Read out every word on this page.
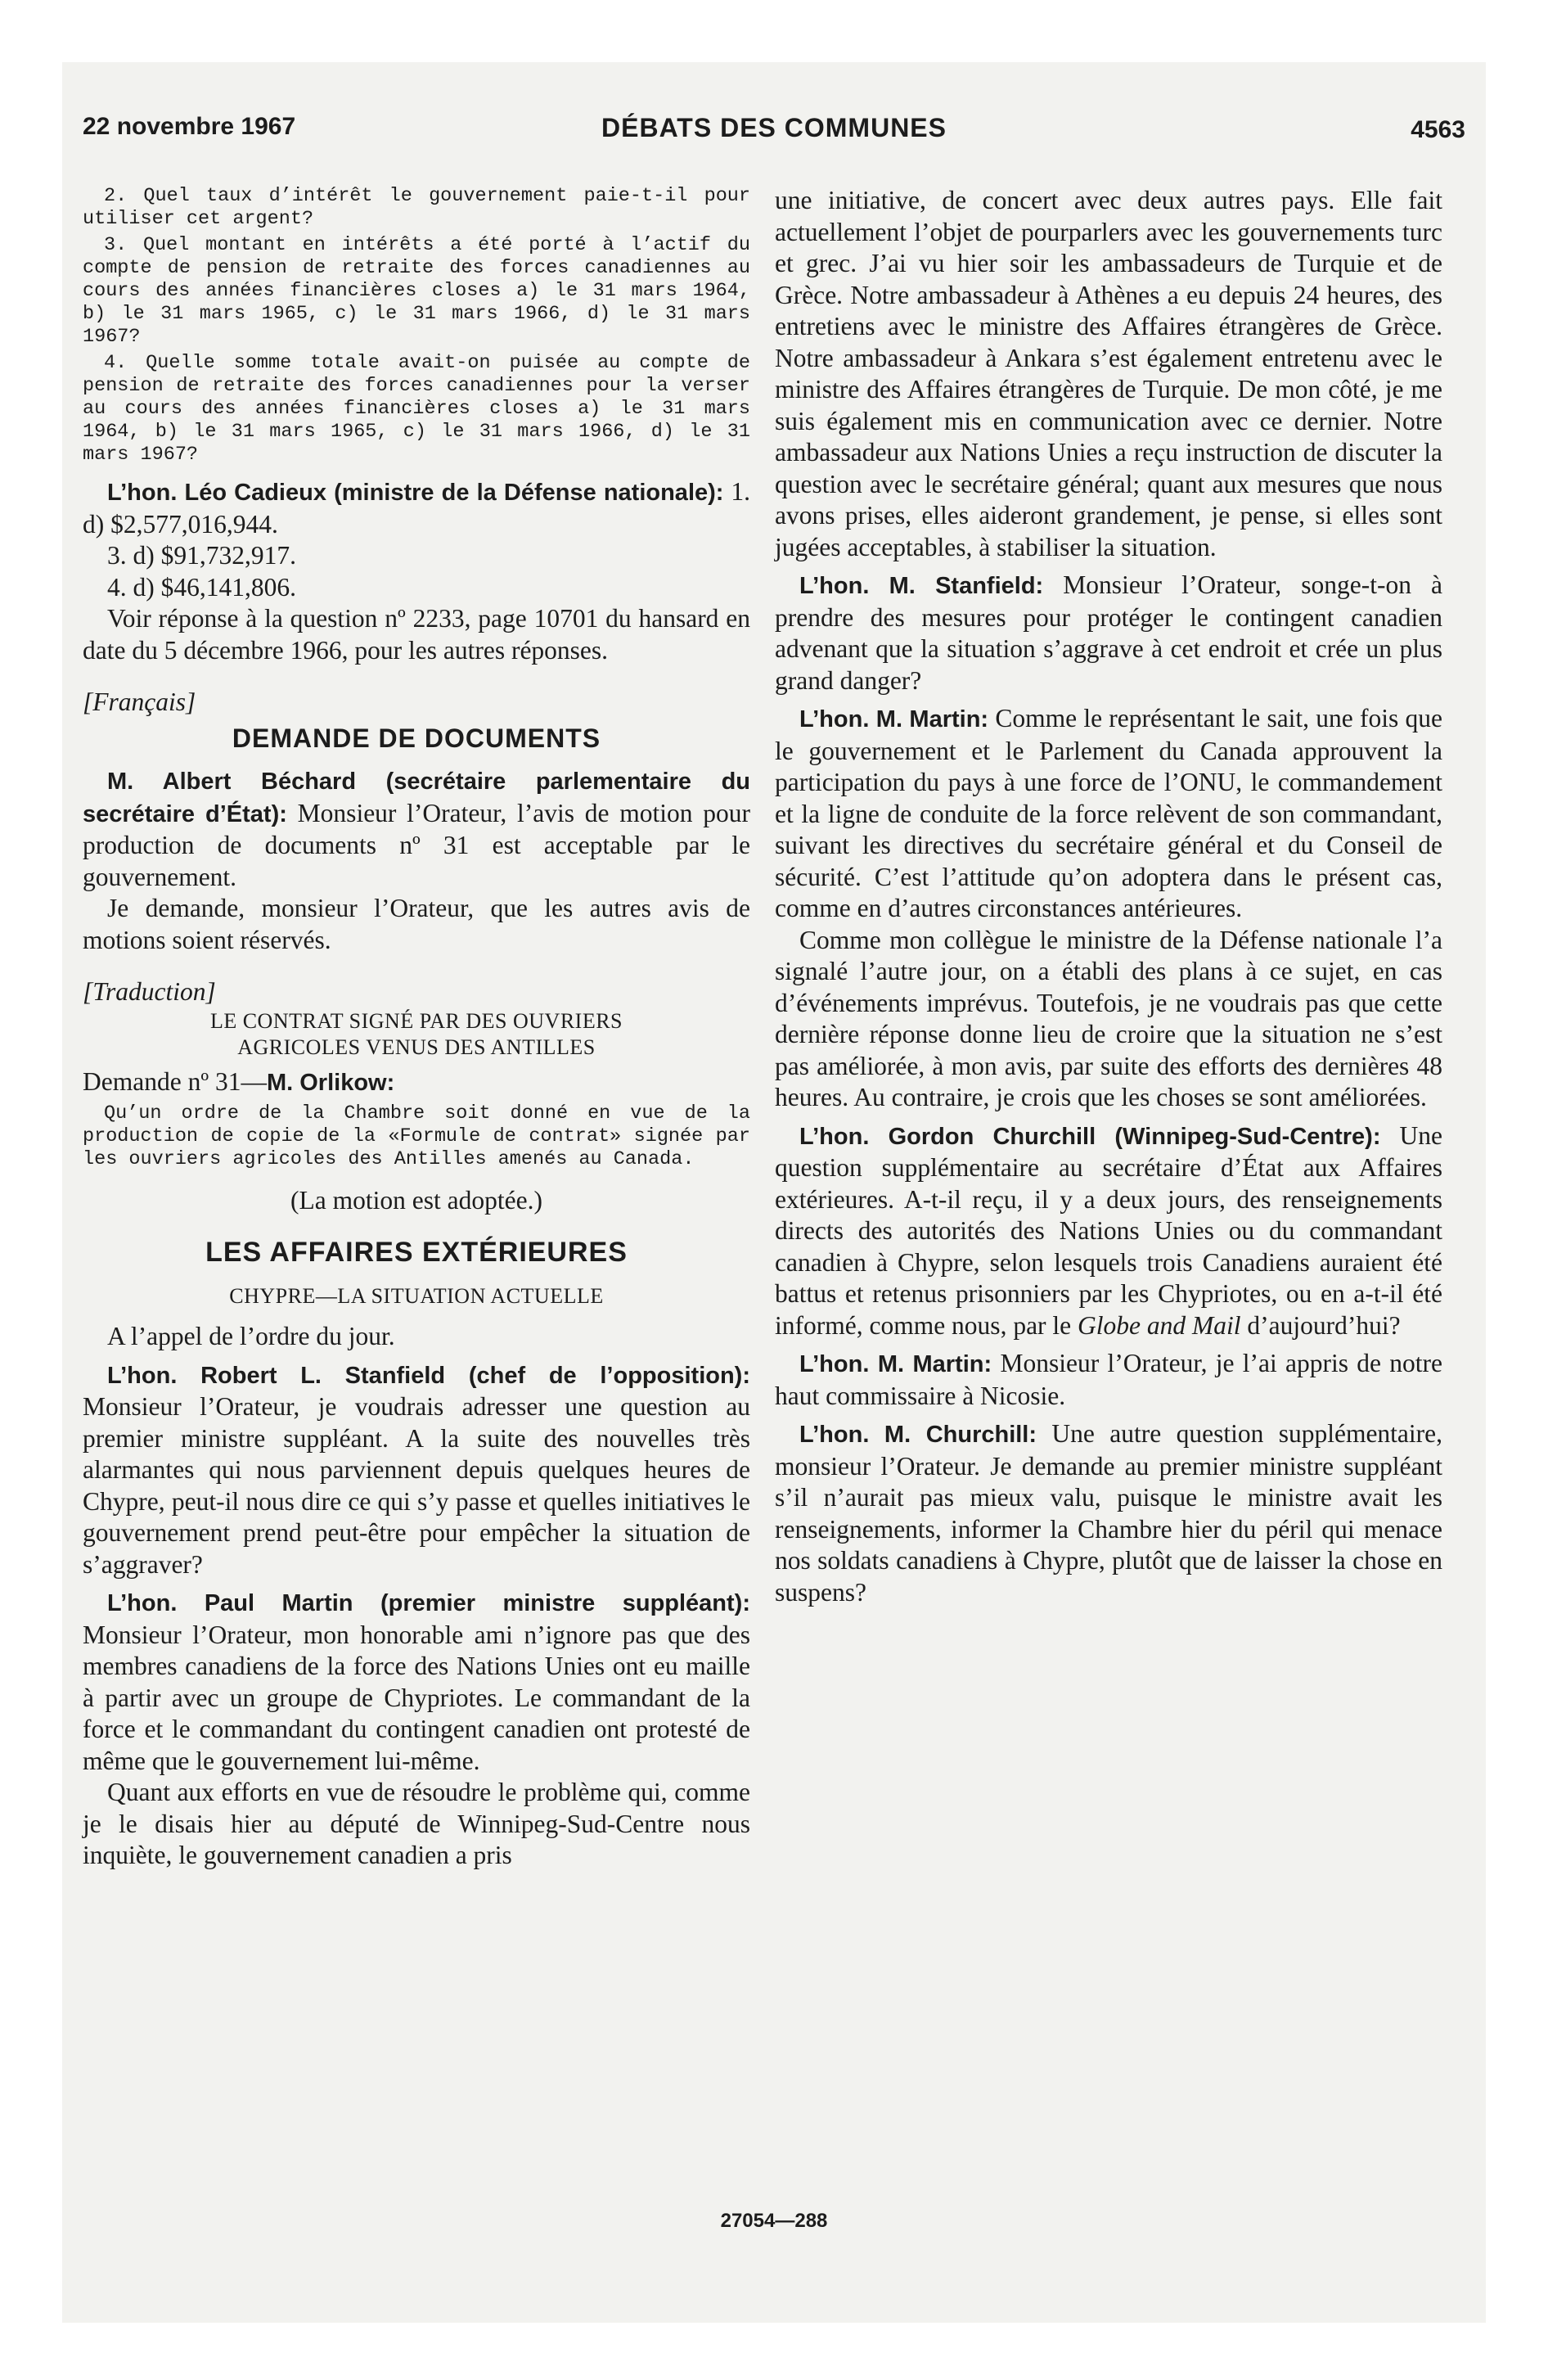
22 novembre 1967	DÉBATS DES COMMUNES	4563

2. Quel taux d’intérêt le gouvernement paie-t-il pour utiliser cet argent?

3. Quel montant en intérêts a été porté à l’actif du compte de pension de retraite des forces canadiennes au cours des années financières closes a) le 31 mars 1964, b) le 31 mars 1965, c) le 31 mars 1966, d) le 31 mars 1967?

4. Quelle somme totale avait-on puisée au compte de pension de retraite des forces canadiennes pour la verser au cours des années financières closes a) le 31 mars 1964, b) le 31 mars 1965, c) le 31 mars 1966, d) le 31 mars 1967?

L’hon. Léo Cadieux (ministre de la Défense nationale): 1. d) $2,577,016,944.

3. d) $91,732,917.

4. d) $46,141,806.

Voir réponse à la question nº 2233, page 10701 du hansard en date du 5 décembre 1966, pour les autres réponses.

[Français]

DEMANDE DE DOCUMENTS

M. Albert Béchard (secrétaire parlementaire du secrétaire d’État): Monsieur l’Orateur, l’avis de motion pour production de documents nº 31 est acceptable par le gouvernement.

Je demande, monsieur l’Orateur, que les autres avis de motions soient réservés.

[Traduction]

LE CONTRAT SIGNÉ PAR DES OUVRIERS
AGRICOLES VENUS DES ANTILLES

Demande nº 31—M. Orlikow:

Qu’un ordre de la Chambre soit donné en vue de la production de copie de la «Formule de contrat» signée par les ouvriers agricoles des Antilles amenés au Canada.

(La motion est adoptée.)

LES AFFAIRES EXTÉRIEURES
CHYPRE—LA SITUATION ACTUELLE

A l’appel de l’ordre du jour.

L’hon. Robert L. Stanfield (chef de l’opposition): Monsieur l’Orateur, je voudrais adresser une question au premier ministre suppléant. A la suite des nouvelles très alarmantes qui nous parviennent depuis quelques heures de Chypre, peut-il nous dire ce qui s’y passe et quelles initiatives le gouvernement prend peut-être pour empêcher la situation de s’aggraver?

L’hon. Paul Martin (premier ministre suppléant): Monsieur l’Orateur, mon honorable ami n’ignore pas que des membres canadiens de la force des Nations Unies ont eu maille à partir avec un groupe de Chypriotes. Le commandant de la force et le commandant du contingent canadien ont protesté de même que le gouvernement lui-même.

Quant aux efforts en vue de résoudre le problème qui, comme je le disais hier au député de Winnipeg-Sud-Centre nous inquiète, le gouvernement canadien a pris

une initiative, de concert avec deux autres pays. Elle fait actuellement l’objet de pourparlers avec les gouvernements turc et grec. J’ai vu hier soir les ambassadeurs de Turquie et de Grèce. Notre ambassadeur à Athènes a eu depuis 24 heures, des entretiens avec le ministre des Affaires étrangères de Grèce. Notre ambassadeur à Ankara s’est également entretenu avec le ministre des Affaires étrangères de Turquie. De mon côté, je me suis également mis en communication avec ce dernier. Notre ambassadeur aux Nations Unies a reçu instruction de discuter la question avec le secrétaire général; quant aux mesures que nous avons prises, elles aideront grandement, je pense, si elles sont jugées acceptables, à stabiliser la situation.

L’hon. M. Stanfield: Monsieur l’Orateur, songe-t-on à prendre des mesures pour protéger le contingent canadien advenant que la situation s’aggrave à cet endroit et crée un plus grand danger?

L’hon. M. Martin: Comme le représentant le sait, une fois que le gouvernement et le Parlement du Canada approuvent la participation du pays à une force de l’ONU, le commandement et la ligne de conduite de la force relèvent de son commandant, suivant les directives du secrétaire général et du Conseil de sécurité. C’est l’attitude qu’on adoptera dans le présent cas, comme en d’autres circonstances antérieures.

Comme mon collègue le ministre de la Défense nationale l’a signalé l’autre jour, on a établi des plans à ce sujet, en cas d’événements imprévus. Toutefois, je ne voudrais pas que cette dernière réponse donne lieu de croire que la situation ne s’est pas améliorée, à mon avis, par suite des efforts des dernières 48 heures. Au contraire, je crois que les choses se sont améliorées.

L’hon. Gordon Churchill (Winnipeg-Sud-Centre): Une question supplémentaire au secrétaire d’État aux Affaires extérieures. A-t-il reçu, il y a deux jours, des renseignements directs des autorités des Nations Unies ou du commandant canadien à Chypre, selon lesquels trois Canadiens auraient été battus et retenus prisonniers par les Chypriotes, ou en a-t-il été informé, comme nous, par le Globe and Mail d’aujourd’hui?

L’hon. M. Martin: Monsieur l’Orateur, je l’ai appris de notre haut commissaire à Nicosie.

L’hon. M. Churchill: Une autre question supplémentaire, monsieur l’Orateur. Je demande au premier ministre suppléant s’il n’aurait pas mieux valu, puisque le ministre avait les renseignements, informer la Chambre hier du péril qui menace nos soldats canadiens à Chypre, plutôt que de laisser la chose en suspens?

27054—288
